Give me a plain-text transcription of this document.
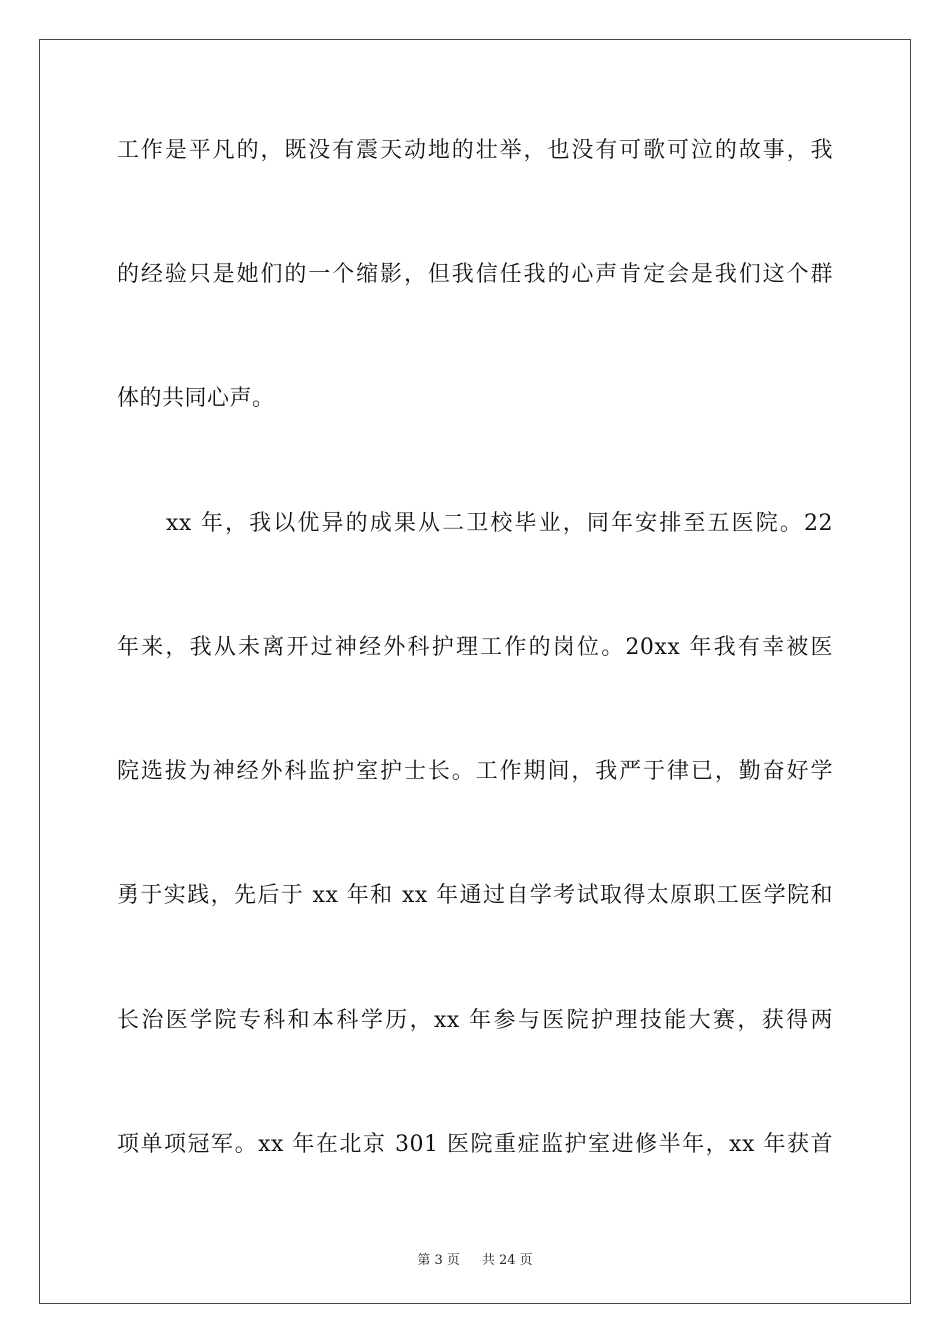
工作是平凡的，既没有震天动地的壮举，也没有可歌可泣的故事，我
的经验只是她们的一个缩影，但我信任我的心声肯定会是我们这个群
体的共同心声。
xx 年，我以优异的成果从二卫校毕业，同年安排至五医院。22
年来，我从未离开过神经外科护理工作的岗位。20xx 年我有幸被医
院选拔为神经外科监护室护士长。工作期间，我严于律已，勤奋好学
勇于实践，先后于 xx 年和 xx 年通过自学考试取得太原职工医学院和
长治医学院专科和本科学历，xx 年参与医院护理技能大赛，获得两
项单项冠军。xx 年在北京 301 医院重症监护室进修半年，xx 年获首
第 3 页 共 24 页
